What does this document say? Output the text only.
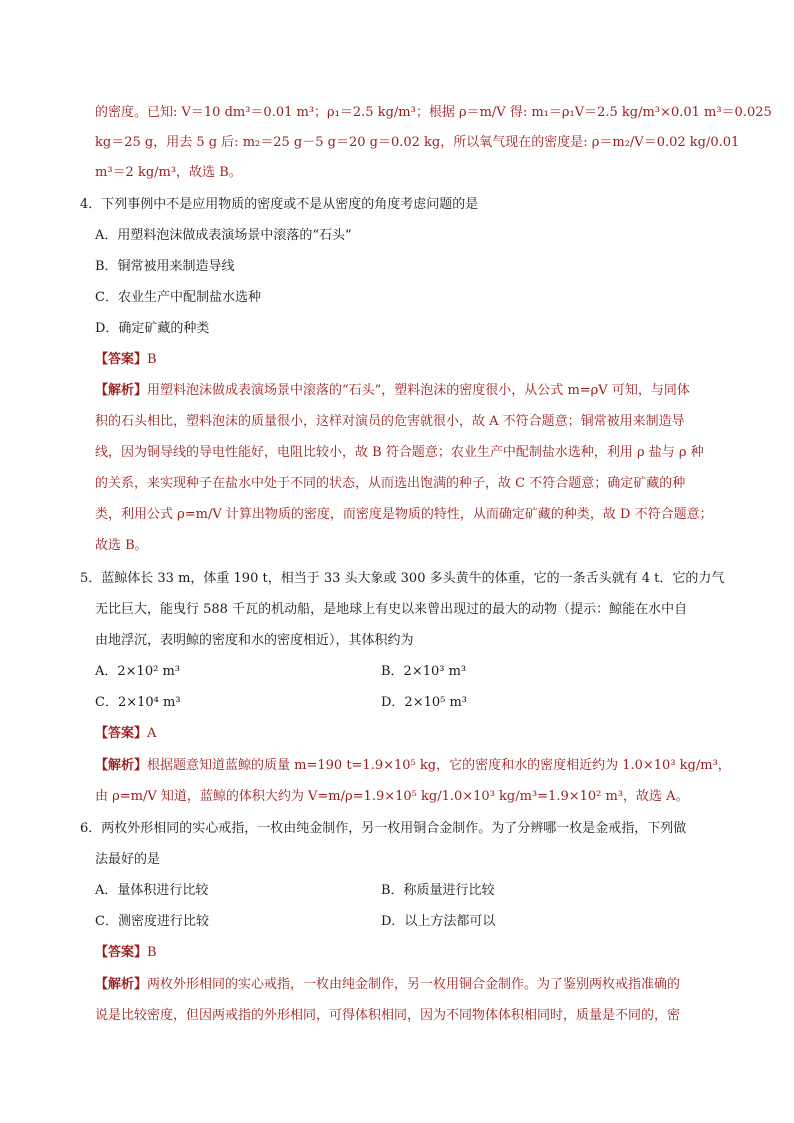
的密度。已知: V＝10 dm³＝0.01 m³；ρ₁＝2.5 kg/m³；根据 ρ＝m/V 得: m₁＝ρ₁V＝2.5 kg/m³×0.01 m³＝0.025
kg＝25 g，用去 5 g 后: m₂＝25 g－5 g＝20 g＝0.02 kg，所以氧气现在的密度是: ρ＝m₂/V＝0.02 kg/0.01
m³＝2 kg/m³，故选 B。
4．下列事例中不是应用物质的密度或不是从密度的角度考虑问题的是
A．用塑料泡沫做成表演场景中滚落的“石头”
B．铜常被用来制造导线
C．农业生产中配制盐水选种
D．确定矿藏的种类
【答案】B
【解析】用塑料泡沫做成表演场景中滚落的“石头”，塑料泡沫的密度很小，从公式 m=ρV 可知，与同体
积的石头相比，塑料泡沫的质量很小，这样对演员的危害就很小，故 A 不符合题意；铜常被用来制造导
线，因为铜导线的导电性能好，电阻比较小，故 B 符合题意；农业生产中配制盐水选种，利用 ρ 盐与 ρ 种
的关系，来实现种子在盐水中处于不同的状态，从而选出饱满的种子，故 C 不符合题意；确定矿藏的种
类，利用公式 ρ=m/V 计算出物质的密度，而密度是物质的特性，从而确定矿藏的种类，故 D 不符合题意；
故选 B。
5．蓝鲸体长 33 m，体重 190 t，相当于 33 头大象或 300 多头黄牛的体重，它的一条舌头就有 4 t．它的力气
无比巨大，能曳行 588 千瓦的机动船，是地球上有史以来曾出现过的最大的动物（提示：鲸能在水中自
由地浮沉，表明鲸的密度和水的密度相近），其体积约为
A．2×10² m³	B．2×10³ m³
C．2×10⁴ m³	D．2×10⁵ m³
【答案】A
【解析】根据题意知道蓝鲸的质量 m=190 t=1.9×10⁵ kg，它的密度和水的密度相近约为 1.0×10³ kg/m³，
由 ρ=m/V 知道，蓝鲸的体积大约为 V=m/ρ=1.9×10⁵ kg/1.0×10³ kg/m³=1.9×10² m³，故选 A。
6．两枚外形相同的实心戒指，一枚由纯金制作，另一枚用铜合金制作。为了分辨哪一枚是金戒指，下列做
法最好的是
A．量体积进行比较	B．称质量进行比较
C．测密度进行比较	D．以上方法都可以
【答案】B
【解析】两枚外形相同的实心戒指，一枚由纯金制作，另一枚用铜合金制作。为了鉴别两枚戒指准确的
说是比较密度，但因两戒指的外形相同，可得体积相同，因为不同物体体积相同时，质量是不同的，密
